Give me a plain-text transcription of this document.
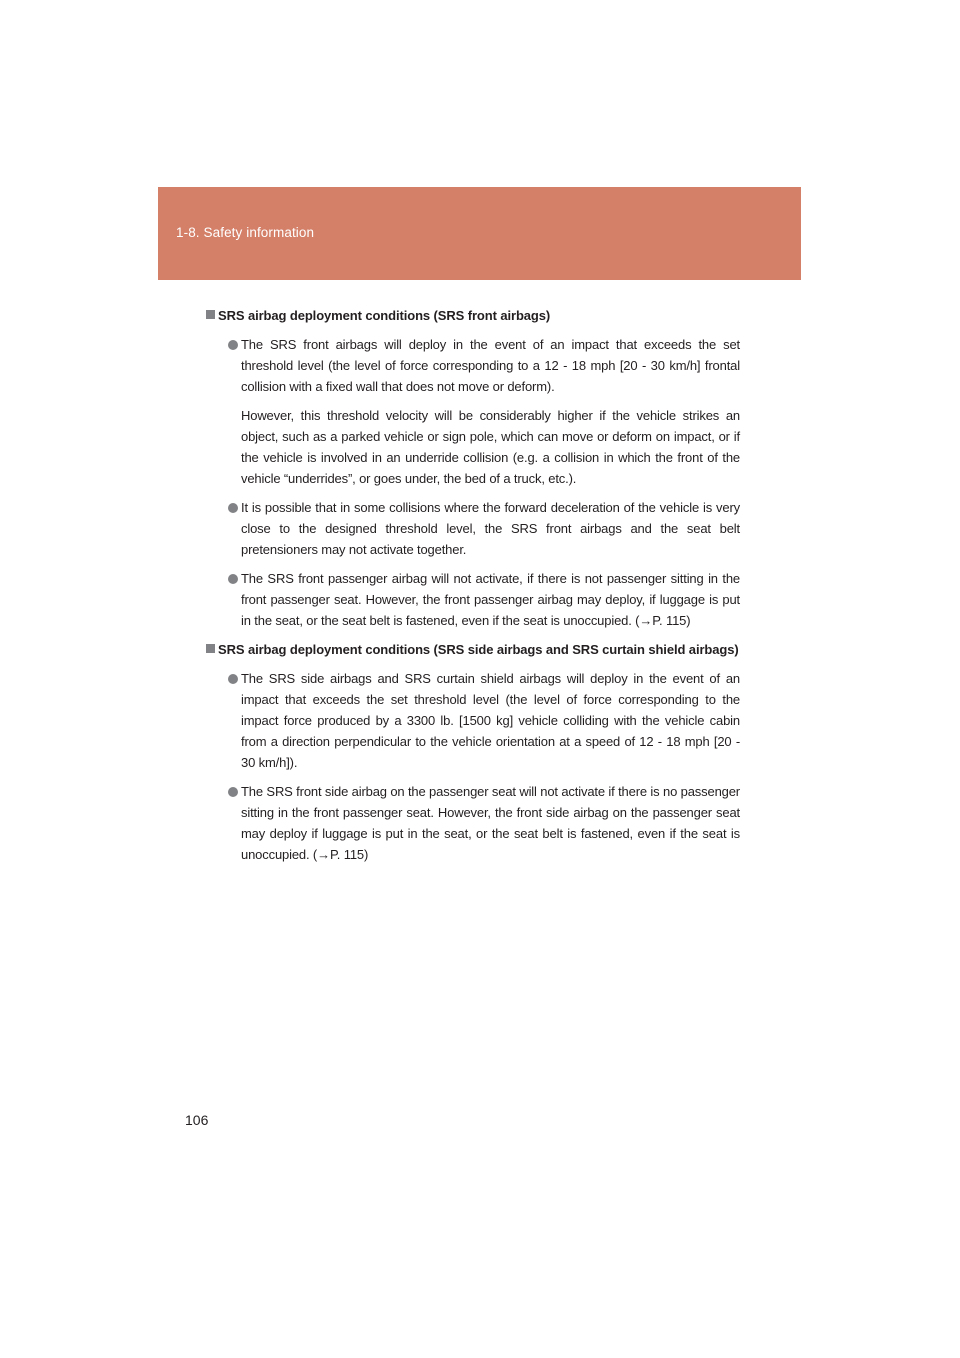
1-8. Safety information
SRS airbag deployment conditions (SRS front airbags)

The SRS front airbags will deploy in the event of an impact that exceeds the set threshold level (the level of force corresponding to a 12 - 18 mph [20 - 30 km/h] frontal collision with a fixed wall that does not move or deform).

However, this threshold velocity will be considerably higher if the vehicle strikes an object, such as a parked vehicle or sign pole, which can move or deform on impact, or if the vehicle is involved in an underride collision (e.g. a collision in which the front of the vehicle “underrides”, or goes under, the bed of a truck, etc.).

It is possible that in some collisions where the forward deceleration of the vehicle is very close to the designed threshold level, the SRS front airbags and the seat belt pretensioners may not activate together.

The SRS front passenger airbag will not activate, if there is not passenger sitting in the front passenger seat. However, the front passenger airbag may deploy, if luggage is put in the seat, or the seat belt is fastened, even if the seat is unoccupied. (→P. 115)

SRS airbag deployment conditions (SRS side airbags and SRS curtain shield airbags)

The SRS side airbags and SRS curtain shield airbags will deploy in the event of an impact that exceeds the set threshold level (the level of force corresponding to the impact force produced by a 3300 lb. [1500 kg] vehicle colliding with the vehicle cabin from a direction perpendicular to the vehicle orientation at a speed of 12 - 18 mph [20 - 30 km/h]).

The SRS front side airbag on the passenger seat will not activate if there is no passenger sitting in the front passenger seat. However, the front side airbag on the passenger seat may deploy if luggage is put in the seat, or the seat belt is fastened, even if the seat is unoccupied. (→P. 115)

106
